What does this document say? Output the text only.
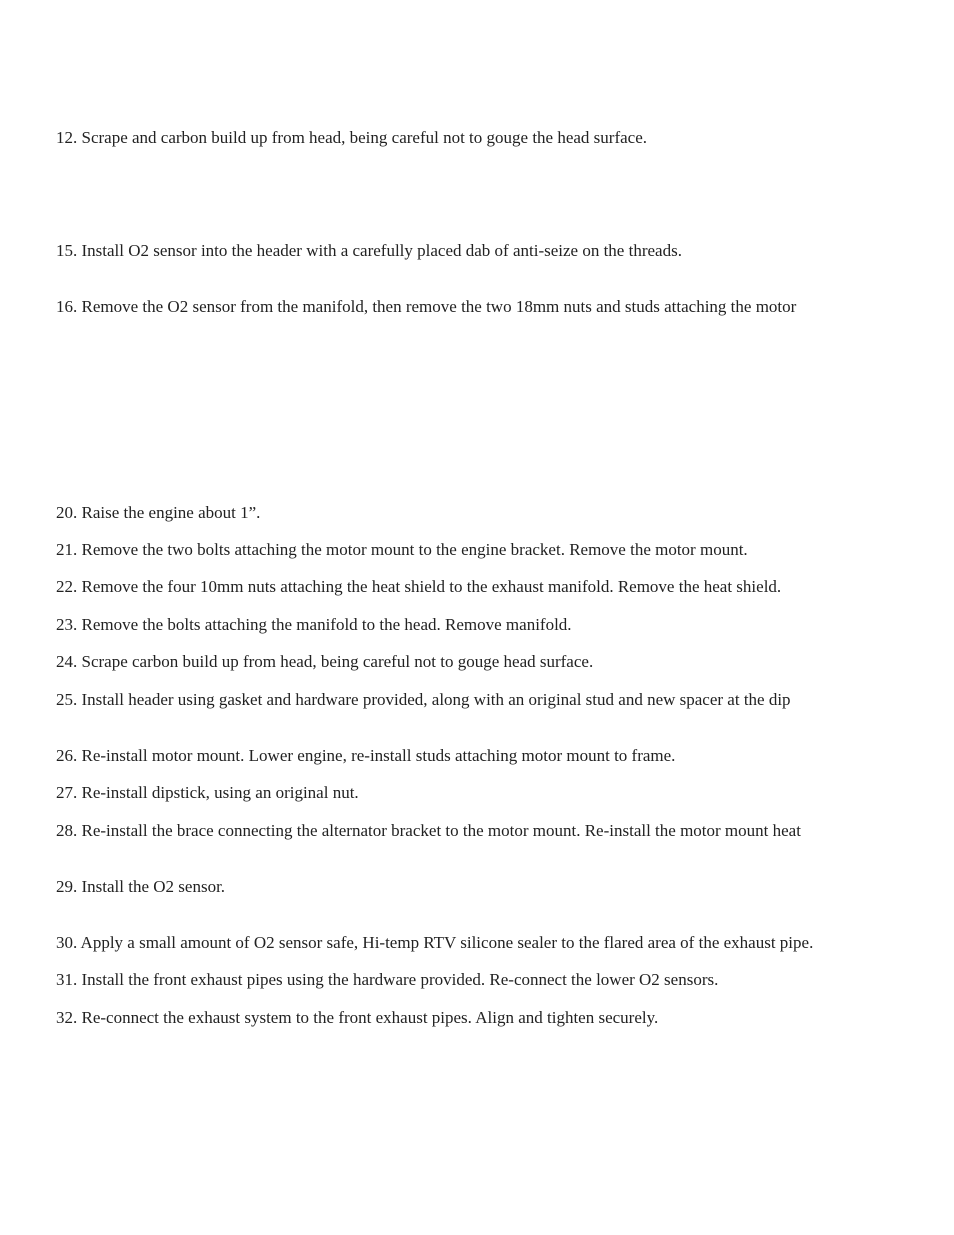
12. Scrape and carbon build up from head, being careful not to gouge the head surface.

15. Install O2 sensor into the header with a carefully placed dab of anti-seize on the threads.

16. Remove the O2 sensor from the manifold, then remove the two 18mm nuts and studs attaching the motor

20. Raise the engine about 1”.

21. Remove the two bolts attaching the motor mount to the engine bracket. Remove the motor mount.

22. Remove the four 10mm nuts attaching the heat shield to the exhaust manifold. Remove the heat shield.

23. Remove the bolts attaching the manifold to the head. Remove manifold.

24. Scrape carbon build up from head, being careful not to gouge head surface.

25. Install header using gasket and hardware provided, along with an original stud and new spacer at the dip

26. Re-install motor mount. Lower engine, re-install studs attaching motor mount to frame.

27. Re-install dipstick, using an original nut.

28. Re-install the brace connecting the alternator bracket to the motor mount. Re-install the motor mount heat

29. Install the O2 sensor.

30. Apply a small amount of O2 sensor safe, Hi-temp RTV silicone sealer to the flared area of the exhaust pipe.

31. Install the front exhaust pipes using the hardware provided. Re-connect the lower O2 sensors.

32. Re-connect the exhaust system to the front exhaust pipes. Align and tighten securely.
